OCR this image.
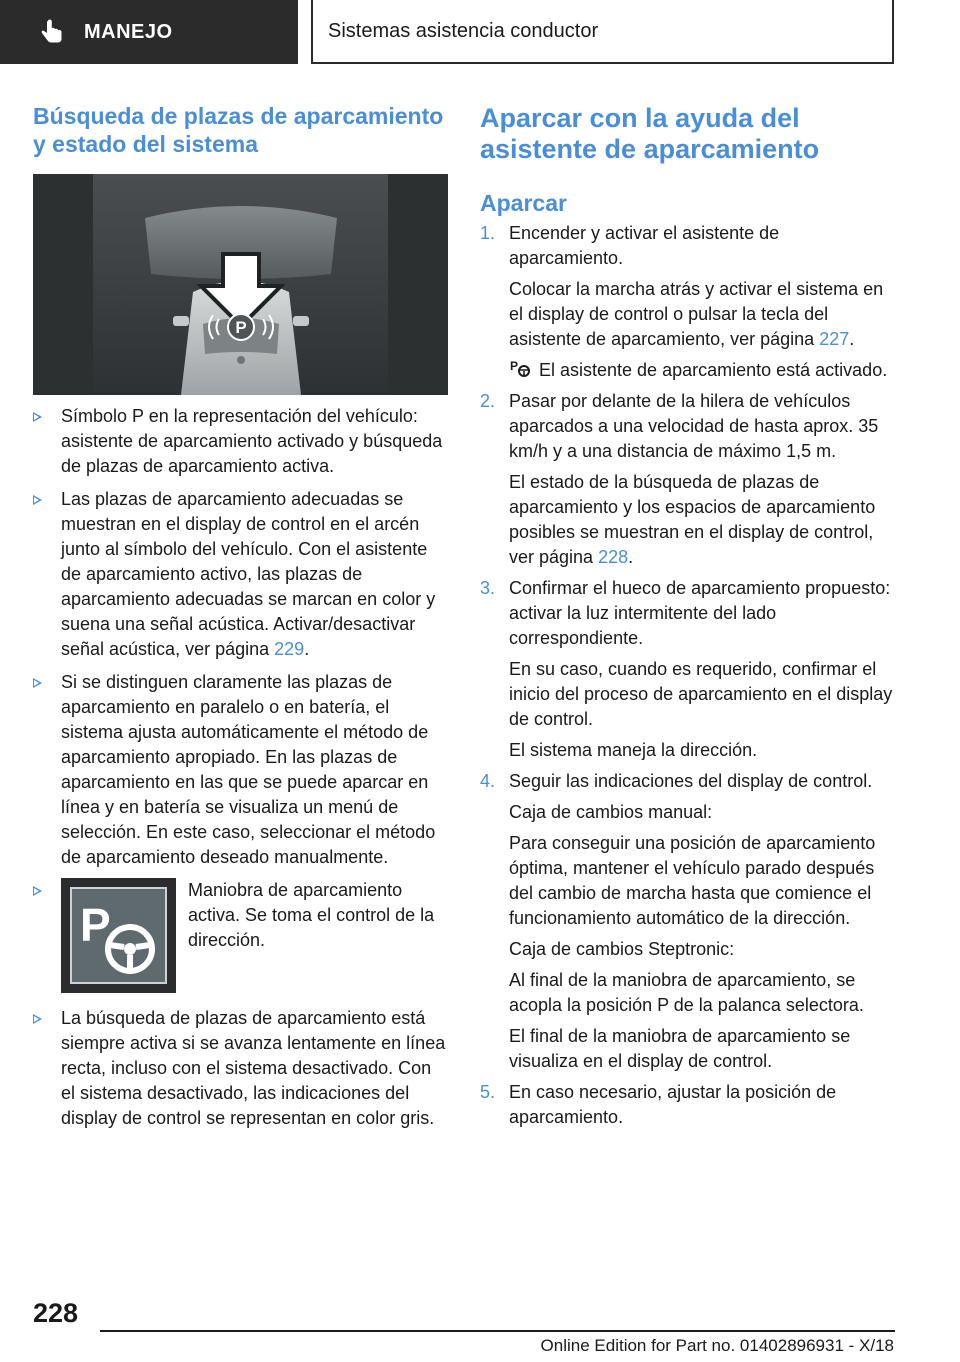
MANEJO	Sistemas asistencia conductor
Búsqueda de plazas de aparcamiento y estado del sistema
P

Símbolo P en la representación del vehículo: asistente de aparcamiento activado y búsqueda de plazas de aparcamiento activa.

Las plazas de aparcamiento adecuadas se muestran en el display de control en el arcén junto al símbolo del vehículo. Con el asistente de aparcamiento activo, las plazas de aparcamiento adecuadas se marcan en color y suena una señal acústica. Activar/desactivar señal acústica, ver página 229.

Si se distinguen claramente las plazas de aparcamiento en paralelo o en batería, el sistema ajusta automáticamente el método de aparcamiento apropiado. En las plazas de aparcamiento en las que se puede aparcar en línea y en batería se visualiza un menú de selección. En este caso, seleccionar el método de aparcamiento deseado manualmente.

P

Maniobra de aparcamiento activa. Se toma el control de la dirección.

La búsqueda de plazas de aparcamiento está siempre activa si se avanza lentamente en línea recta, incluso con el sistema desactivado. Con el sistema desactivado, las indicaciones del display de control se representan en color gris.

Aparcar con la ayuda del asistente de aparcamiento
Aparcar
1. Encender y activar el asistente de aparcamiento.

Colocar la marcha atrás y activar el sistema en el display de control o pulsar la tecla del asistente de aparcamiento, ver página 227.

P El asistente de aparcamiento está activado.

2. Pasar por delante de la hilera de vehículos aparcados a una velocidad de hasta aprox. 35 km/h y a una distancia de máximo 1,5 m.

El estado de la búsqueda de plazas de aparcamiento y los espacios de aparcamiento posibles se muestran en el display de control, ver página 228.

3. Confirmar el hueco de aparcamiento propuesto: activar la luz intermitente del lado correspondiente.

En su caso, cuando es requerido, confirmar el inicio del proceso de aparcamiento en el display de control.

El sistema maneja la dirección.

4. Seguir las indicaciones del display de control.

Caja de cambios manual:

Para conseguir una posición de aparcamiento óptima, mantener el vehículo parado después del cambio de marcha hasta que comience el funcionamiento automático de la dirección.

Caja de cambios Steptronic:

Al final de la maniobra de aparcamiento, se acopla la posición P de la palanca selectora.

El final de la maniobra de aparcamiento se visualiza en el display de control.

5. En caso necesario, ajustar la posición de aparcamiento.

228
Online Edition for Part no. 01402896931 - X/18
